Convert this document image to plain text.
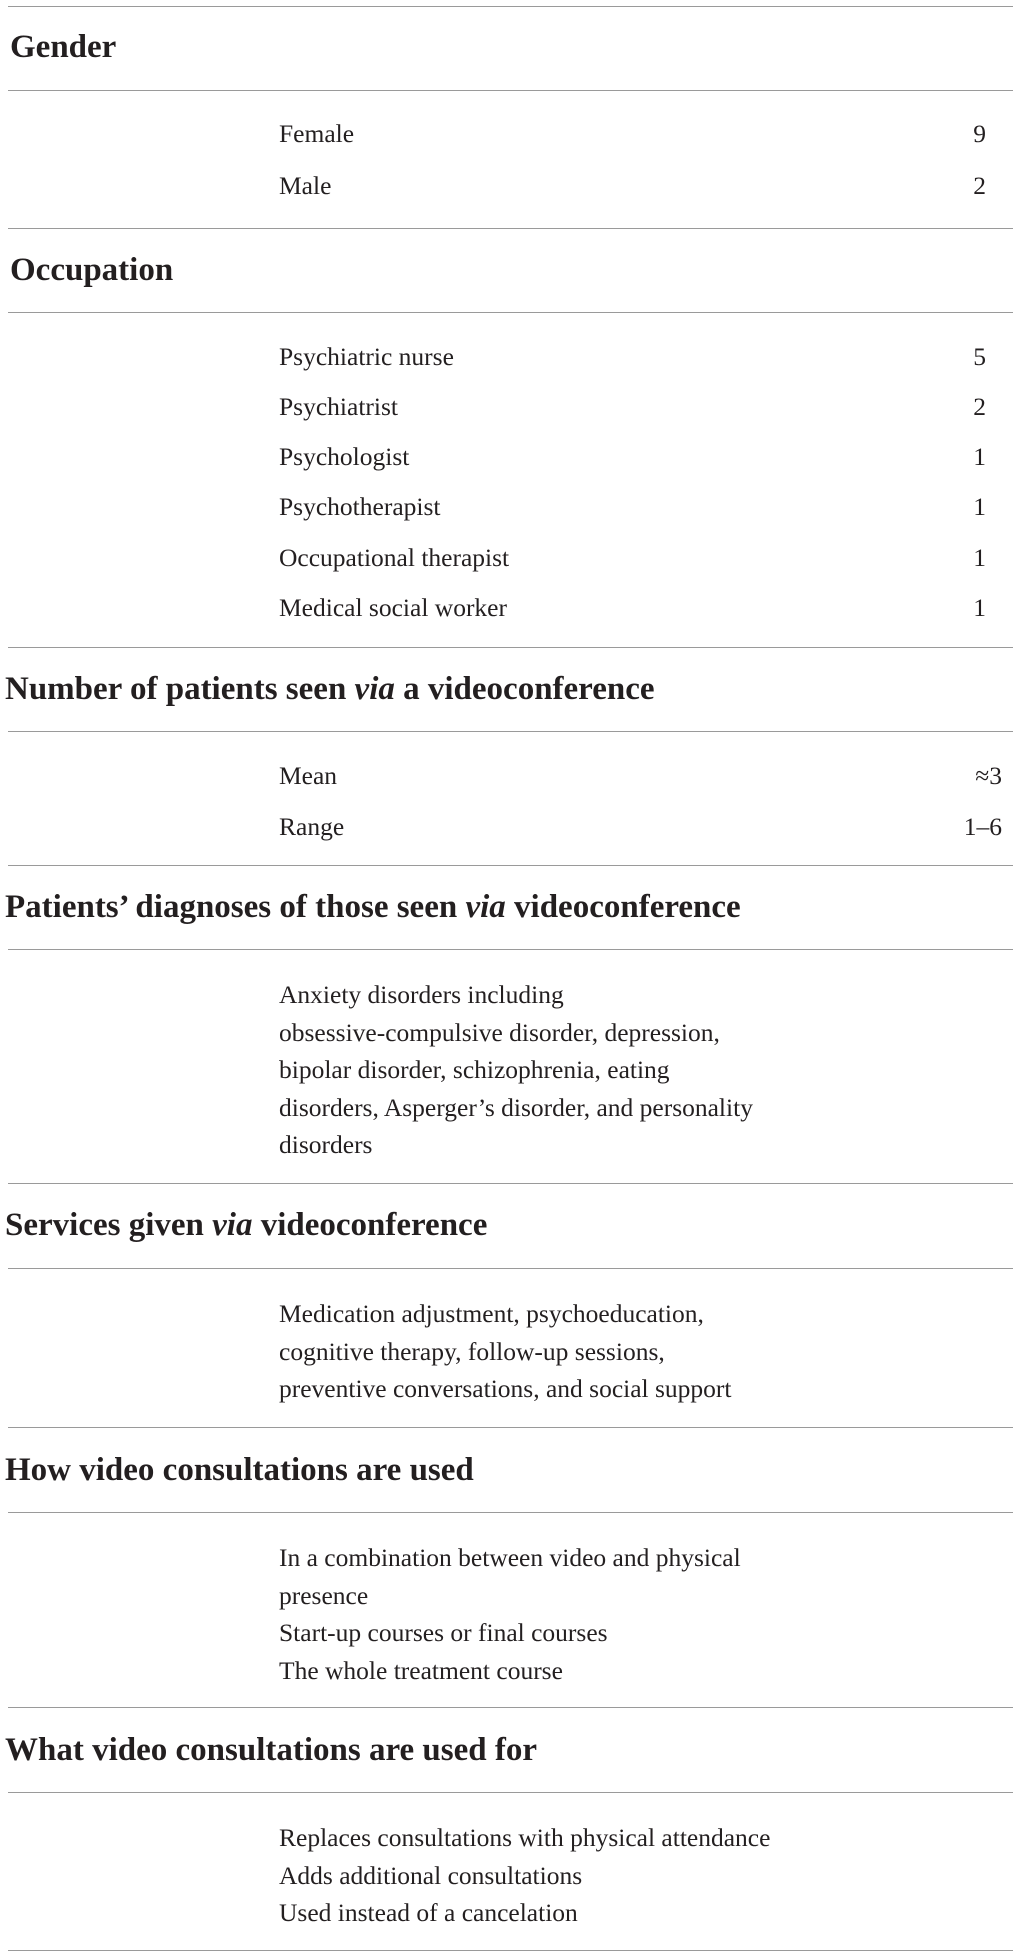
Gender
Female	9
Male	2
Occupation
Psychiatric nurse	5
Psychiatrist	2
Psychologist	1
Psychotherapist	1
Occupational therapist	1
Medical social worker	1
Number of patients seen via a videoconference
Mean	≈3
Range	1–6
Patients’ diagnoses of those seen via videoconference
Anxiety disorders including
obsessive-compulsive disorder, depression,
bipolar disorder, schizophrenia, eating
disorders, Asperger’s disorder, and personality
disorders
Services given via videoconference
Medication adjustment, psychoeducation,
cognitive therapy, follow-up sessions,
preventive conversations, and social support
How video consultations are used
In a combination between video and physical
presence
Start-up courses or final courses
The whole treatment course
What video consultations are used for
Replaces consultations with physical attendance
Adds additional consultations
Used instead of a cancelation
